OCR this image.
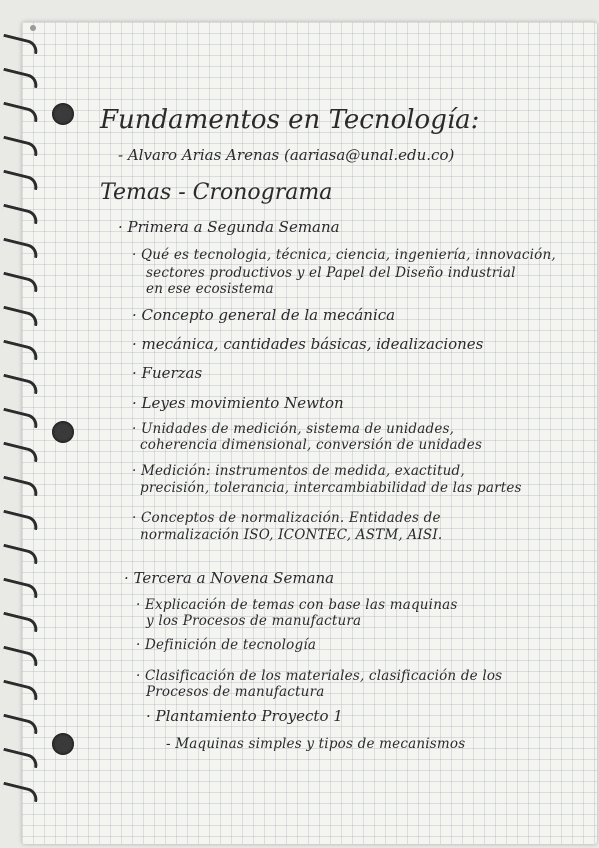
Fundamentos en Tecnología:
- Alvaro Arias Arenas (aariasa@unal.edu.co)
Temas - Cronograma
· Primera a Segunda Semana
· Qué es tecnologia, técnica, ciencia, ingeniería, innovación,
sectores productivos y el Papel del Diseño industrial
en ese ecosistema
· Concepto general de la mecánica
· mecánica, cantidades básicas, idealizaciones
· Fuerzas
· Leyes movimiento Newton
· Unidades de medición, sistema de unidades,
coherencia dimensional, conversión de unidades
· Medición: instrumentos de medida, exactitud,
precisión, tolerancia, intercambiabilidad de las partes
· Conceptos de normalización. Entidades de
normalización ISO, ICONTEC, ASTM, AISI.
· Tercera a Novena Semana
· Explicación de temas con base las maquinas
y los Procesos de manufactura
· Definición de tecnología
· Clasificación de los materiales, clasificación de los
Procesos de manufactura
· Plantamiento Proyecto 1
- Maquinas simples y tipos de mecanismos
